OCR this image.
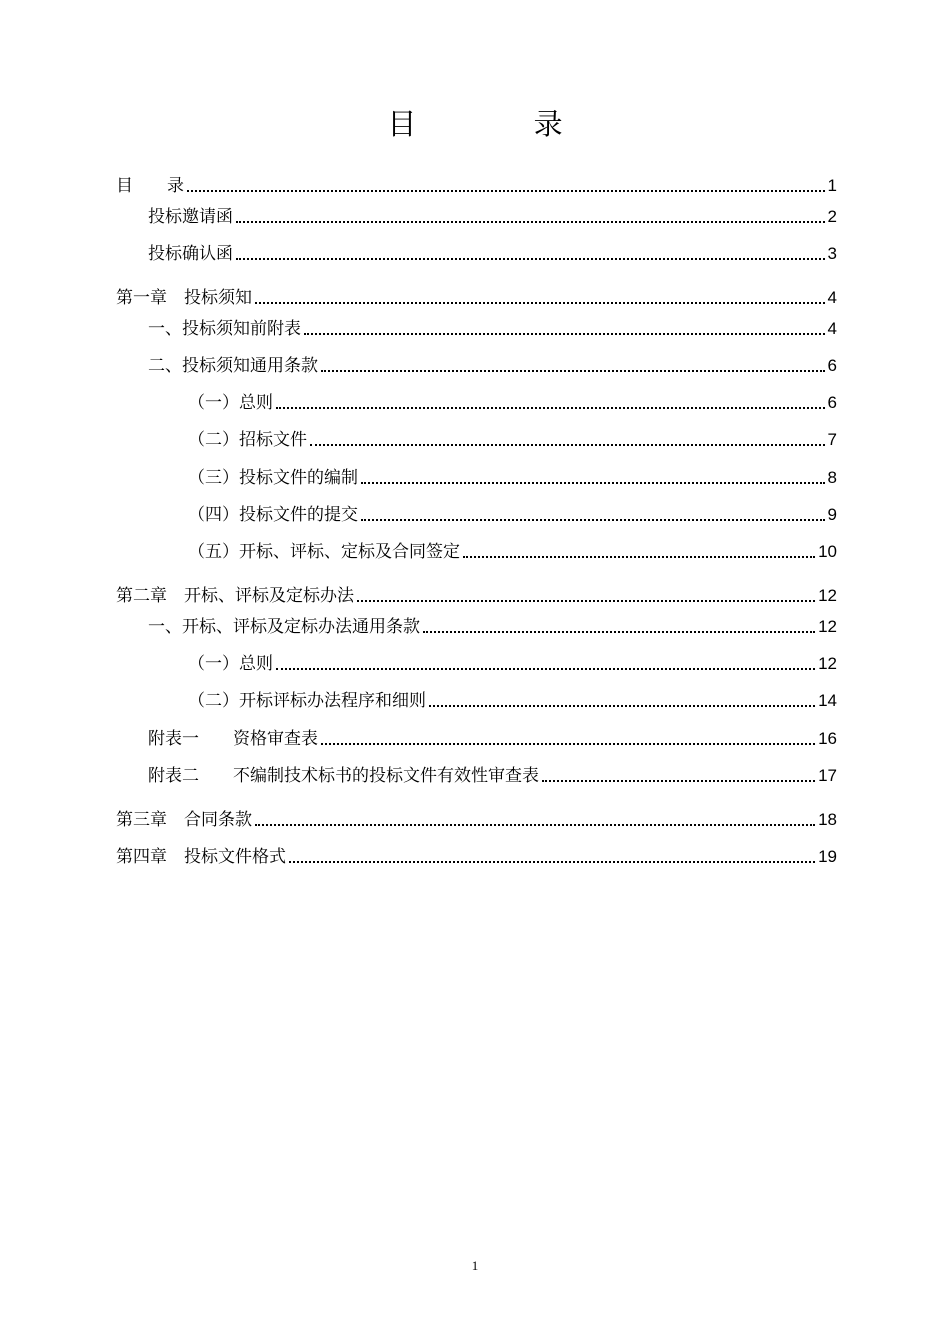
目 录
目　　录	1
投标邀请函	2
投标确认函	3
第一章　投标须知	4
一、投标须知前附表	4
二、投标须知通用条款	6
（一）总则	6
（二）招标文件	7
（三）投标文件的编制	8
（四）投标文件的提交	9
（五）开标、评标、定标及合同签定	10
第二章　开标、评标及定标办法	12
一、开标、评标及定标办法通用条款	12
（一）总则	12
（二）开标评标办法程序和细则	14
附表一　　资格审查表	16
附表二　　不编制技术标书的投标文件有效性审查表	17
第三章　合同条款	18
第四章　投标文件格式	19
1
